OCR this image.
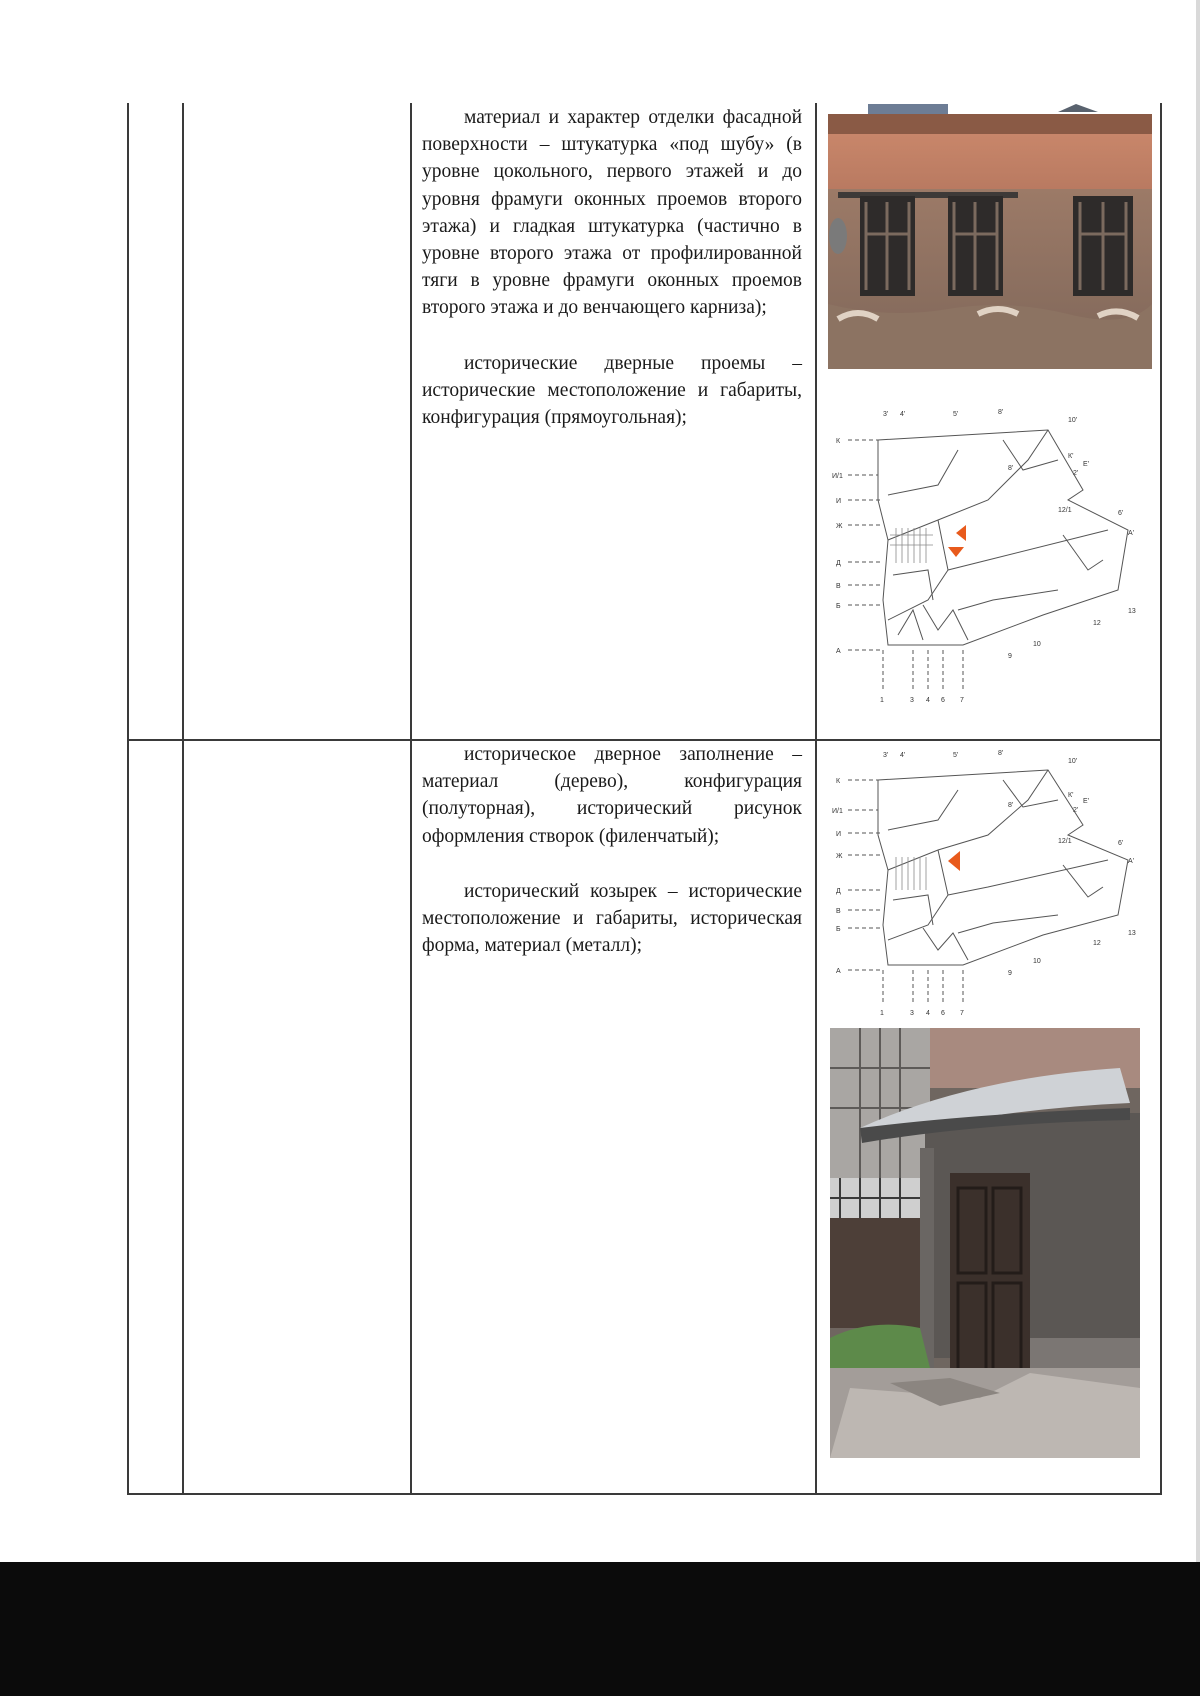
материал и характер отделки фасадной поверхности – штукатурка «под шубу» (в уровне цокольного, первого этажей и до уровня фрамуги оконных проемов второго этажа) и гладкая штукатурка (частично в уровне второго этажа от профилированной тяги в уровне фрамуги оконных проемов второго этажа и до венчающего карниза);

исторические дверные проемы – исторические местоположение и габариты, конфигурация (прямоугольная);

историческое дверное заполнение – материал (дерево), конфигурация (полуторная), исторический рисунок оформления створок (филенчатый);

исторический козырек – исторические местоположение и габариты, историческая форма, материал (металл);

3' 4'	5'	8'
10'
К
И/1
И
Ж
Д
В
Б
А
1	3 4 6 7
К'
Е'
2'
12/1	6'
А'
13
12
9
10
8'
3' 4'	5'	8'
10'
К
И/1
И
Ж
Д
В
Б
А
1	3 4 6 7
К'
Е'
2'
12/1	6'
А'
13
12
9
10
8'
